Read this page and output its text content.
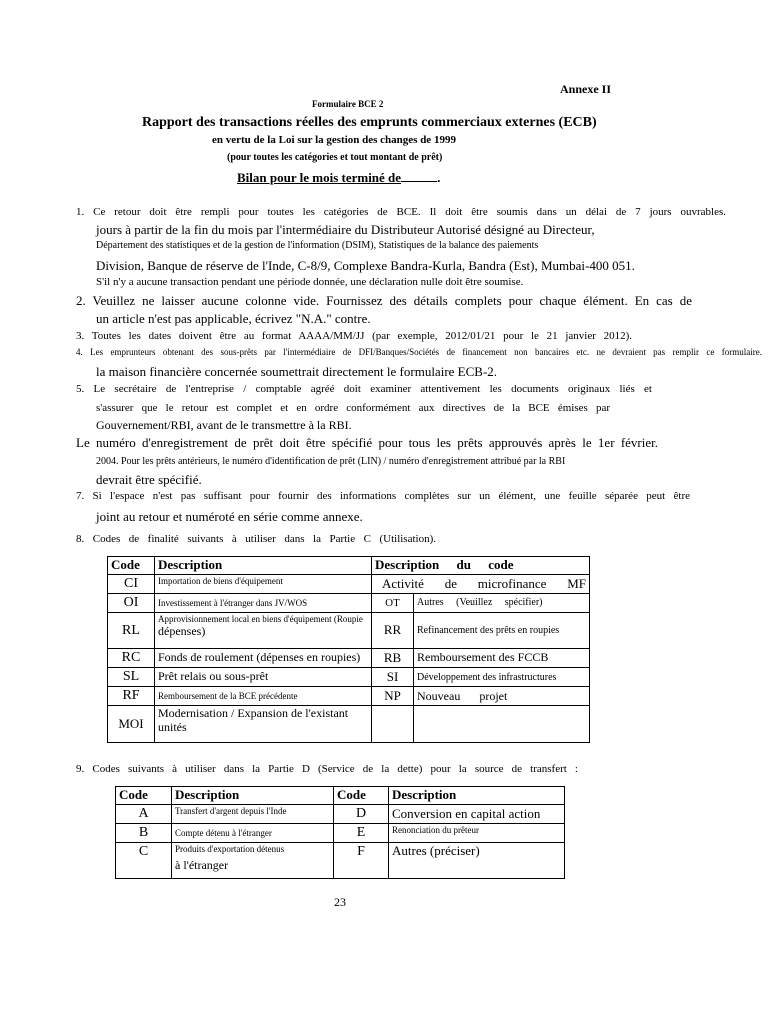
Annexe II
Formulaire BCE 2
Rapport des transactions réelles des emprunts commerciaux externes (ECB)
en vertu de la Loi sur la gestion des changes de 1999
(pour toutes les catégories et tout montant de prêt)
Bilan pour le mois terminé de	.
1. Ce retour doit être rempli pour toutes les catégories de BCE. Il doit être soumis dans un délai de 7 jours ouvrables.
jours à partir de la fin du mois par l'intermédiaire du Distributeur Autorisé désigné au Directeur,
Département des statistiques et de la gestion de l'information (DSIM), Statistiques de la balance des paiements
Division, Banque de réserve de l'Inde, C-8/9, Complexe Bandra-Kurla, Bandra (Est), Mumbai-400 051.
S'il n'y a aucune transaction pendant une période donnée, une déclaration nulle doit être soumise.
2. Veuillez ne laisser aucune colonne vide. Fournissez des détails complets pour chaque élément. En cas de
un article n'est pas applicable, écrivez "N.A." contre.
3. Toutes les dates doivent être au format AAAA/MM/JJ (par exemple, 2012/01/21 pour le 21 janvier 2012).
4. Les emprunteurs obtenant des sous-prêts par l'intermédiaire de DFI/Banques/Sociétés de financement non bancaires etc. ne devraient pas remplir ce formulaire.
la maison financière concernée soumettrait directement le formulaire ECB-2.
5. Le secrétaire de l'entreprise / comptable agréé doit examiner attentivement les documents originaux liés et
s'assurer que le retour est complet et en ordre conformément aux directives de la BCE émises par
Gouvernement/RBI, avant de le transmettre à la RBI.
Le numéro d'enregistrement de prêt doit être spécifié pour tous les prêts approuvés après le 1er février.
2004. Pour les prêts antérieurs, le numéro d'identification de prêt (LIN) / numéro d'enregistrement attribué par la RBI
devrait être spécifié.
7. Si l'espace n'est pas suffisant pour fournir des informations complètes sur un élément, une feuille séparée peut être
joint au retour et numéroté en série comme annexe.
8. Codes de finalité suivants à utiliser dans la Partie C (Utilisation).
Code	Description	Description du code	
CI	Importation de biens d'équipement	Activité de microfinance MF	
OI	Investissement à l'étranger dans JV/WOS	OT	Autres (Veuillez spécifier)
RL	Approvisionnement local en biens d'équipement (Roupie
dépenses)	RR	Refinancement des prêts en roupies
RC	Fonds de roulement (dépenses en roupies)	RB	Remboursement des FCCB
SL	Prêt relais ou sous-prêt	SI	Développement des infrastructures
RF	Remboursement de la BCE précédente	NP	Nouveau projet
MOI	Modernisation / Expansion de l'existant
unités		

9. Codes suivants à utiliser dans la Partie D (Service de la dette) pour la source de transfert :
Code	Description	Code	Description
A	Transfert d'argent depuis l'Inde	D	Conversion en capital action
B	Compte détenu à l'étranger	E	Renonciation du prêteur
C	Produits d'exportation détenus
à l'étranger	F	Autres (préciser)
23
